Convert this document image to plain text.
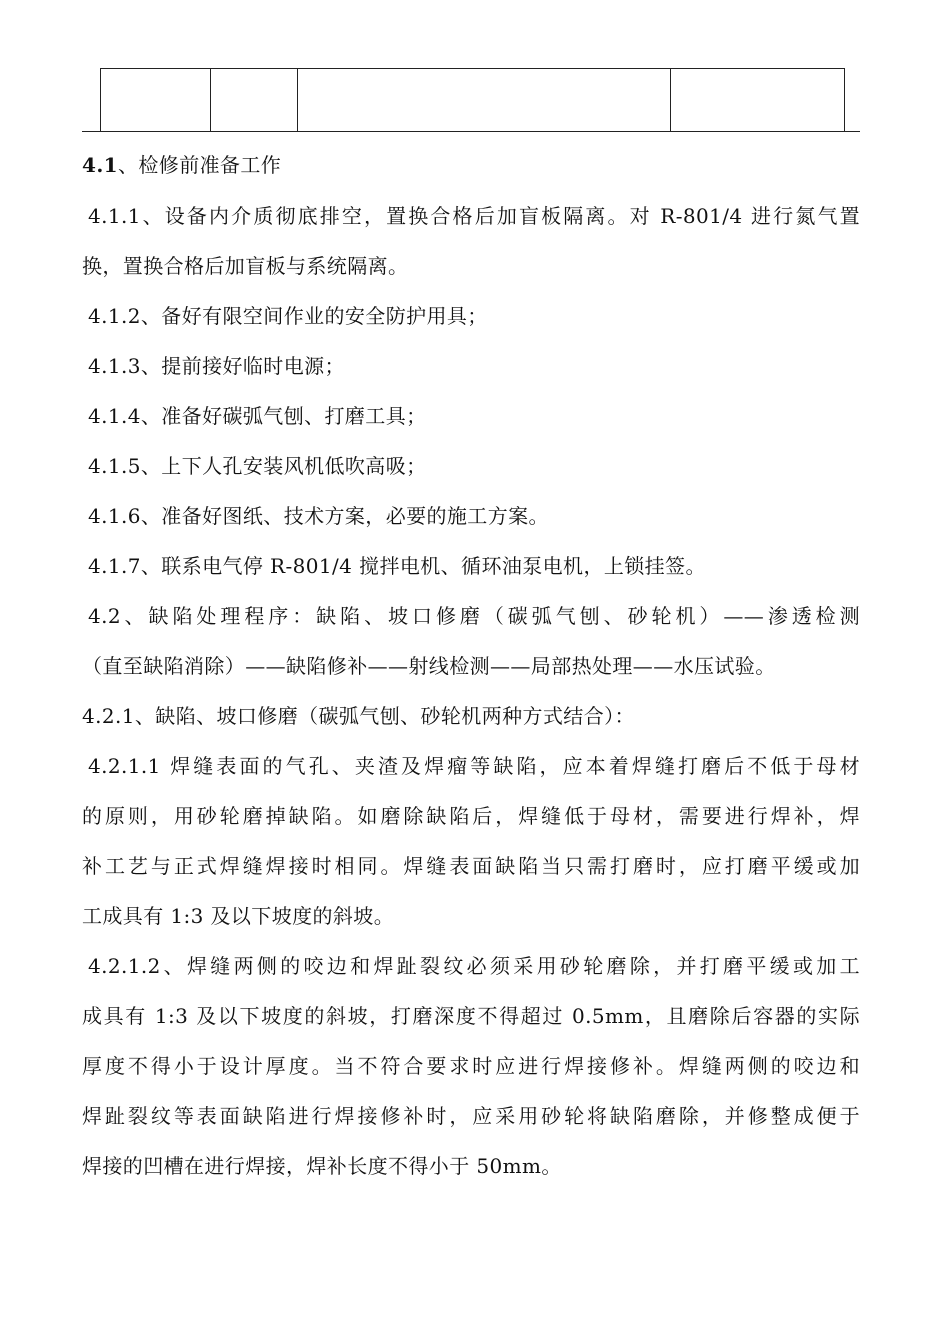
4.1、检修前准备工作
4.1.1、设备内介质彻底排空，置换合格后加盲板隔离。对 R-801/4 进行氮气置
换，置换合格后加盲板与系统隔离。
4.1.2、备好有限空间作业的安全防护用具；
4.1.3、提前接好临时电源；
4.1.4、准备好碳弧气刨、打磨工具；
4.1.5、上下人孔安装风机低吹高吸；
4.1.6、准备好图纸、技术方案，必要的施工方案。
4.1.7、联系电气停 R-801/4 搅拌电机、循环油泵电机，上锁挂签。
4.2、缺陷处理程序：缺陷、坡口修磨（碳弧气刨、砂轮机）——渗透检测
（直至缺陷消除）——缺陷修补——射线检测——局部热处理——水压试验。
4.2.1、缺陷、坡口修磨（碳弧气刨、砂轮机两种方式结合）：
4.2.1.1 焊缝表面的气孔、夹渣及焊瘤等缺陷，应本着焊缝打磨后不低于母材
的原则，用砂轮磨掉缺陷。如磨除缺陷后，焊缝低于母材，需要进行焊补，焊
补工艺与正式焊缝焊接时相同。焊缝表面缺陷当只需打磨时，应打磨平缓或加
工成具有 1:3 及以下坡度的斜坡。
4.2.1.2、焊缝两侧的咬边和焊趾裂纹必须采用砂轮磨除，并打磨平缓或加工
成具有 1:3 及以下坡度的斜坡，打磨深度不得超过 0.5mm，且磨除后容器的实际
厚度不得小于设计厚度。当不符合要求时应进行焊接修补。焊缝两侧的咬边和
焊趾裂纹等表面缺陷进行焊接修补时，应采用砂轮将缺陷磨除，并修整成便于
焊接的凹槽在进行焊接，焊补长度不得小于 50mm。
